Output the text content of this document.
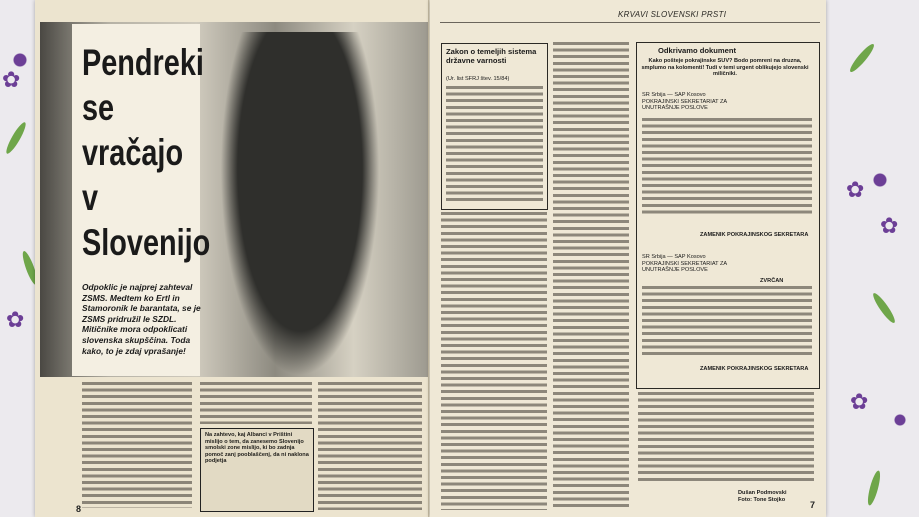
✿
✿
✿
✿
✿
Pendreki
se
vračajo
v
Slovenijo
Odpoklic je najprej zahteval ZSMS. Medtem ko Ertl in Stamoronik le barantata, se je ZSMS pridružil le SZDL. Mitičnike mora odpoklicati slovenska skupščina. Toda kako, to je zdaj vprašanje!
Na zahtevo, kaj Albanci v Prištini mislijo o tem, da zanesemo Slovenijo smolski zone mislijo, ki bo zadnja pomoč zanj pooblaščenj, da ni naklona podjetja
8
KRVAVI SLOVENSKI PRSTI
Zakon o temeljih sistema državne varnosti
(Ur. list SFRJ štev. 15/84)
Odkrivamo dokument
Kako pošteje pokrajinske SUV? Bodo pomreni na druzna, smplumo na kolomenti! Tudi v temi urgent oblikujejo slovenski miličniki.
SR Srbija — SAP Kosovo POKRAJINSKI SEKRETARIAT ZA UNUTRAŠNJE POSLOVE
ZAMENIK POKRAJINSKOG SEKRETARA
SR Srbija — SAP Kosovo POKRAJINSKI SEKRETARIAT ZA UNUTRAŠNJE POSLOVE
ZVRČAN
ZAMENIK POKRAJINSKOG SEKRETARA
Dušan Podmovski
Foto: Tone Stojko
7
